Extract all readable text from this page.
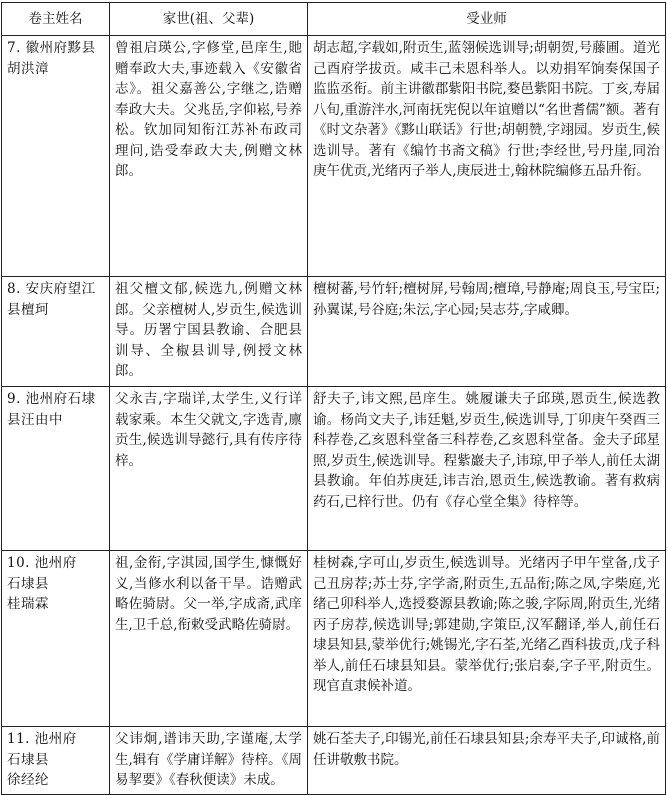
卷主姓名	家世(祖、父辈)	受业师

7. 徽州府黟县
胡洪漳	曾祖启瑛公,字修堂,邑庠生,貤赠奉政大夫,事迹载入《安徽省志》。祖父嘉善公,字继之,诰赠奉政大夫。父兆岳,字仰崧,号养松。钦加同知衔江苏补布政司理问,诰受奉政大夫,例赠文林郎。	胡志超,字载如,附贡生,蓝翎候选训导;胡朝贺,号藤圃。道光己酉府学拔贡。咸丰己未恩科举人。以劝捐军饷奏保国子监监丞衔。前主讲徽郡紫阳书院,婺邑紫阳书院。丁亥,寿届八旬,重游泮水,河南抚宪倪以年谊赠以“名世耆儒”额。著有《时文杂著》《黟山联话》行世;胡朝赞,字翊园。岁贡生,候选训导。著有《编竹书斋文稿》行世;李经世,号丹崖,同治庚午优贡,光绪丙子举人,庚辰进士,翰林院编修五品升衔。

8. 安庆府望江
县檀珂	祖父檀文郁,候选九,例赠文林郎。父亲檀树人,岁贡生,候选训导。历署宁国县教谕、合肥县训导、全椒县训导,例授文林郎。	檀树蕃,号竹轩;檀树屏,号翰周;檀璋,号静庵;周良玉,号宝臣;孙翼谋,号谷庭;朱沄,字心园;吴志芬,字咸卿。

9. 池州府石埭
县汪由中	父永吉,字瑞详,太学生,义行详载家乘。本生父就文,字选青,廪贡生,候选训导懿行,具有传序待梓。	舒夫子,讳文熙,邑庠生。姚履谦夫子邱瑛,恩贡生,候选教谕。杨尚文夫子,讳廷魁,岁贡生,候选训导,丁卯庚午癸酉三科荐卷,乙亥恩科堂备三科荐卷,乙亥恩科堂备。金夫子邱星照,岁贡生,候选训导。程紫巖夫子,讳琼,甲子举人,前任太湖县教谕。年伯苏庚廷,讳吉治,恩贡生,候选教谕。著有救病药石,已梓行世。仍有《存心堂全集》待梓等。

10. 池州府
石埭县
桂瑞霖	祖,金衔,字淇园,国学生,慷慨好义,当修水利以备干旱。诰赠武略佐骑尉。父一举,字成斋,武庠生,卫千总,衔敕受武略佐骑尉。	桂树森,字可山,岁贡生,候选训导。光绪丙子甲午堂备,戊子己丑房荐;苏士芬,字学斋,附贡生,五品衔;陈之凤,字柴庭,光绪己卯科举人,选授婺源县教谕;陈之骏,字际周,附贡生,光绪丙子房荐,候选训导;郭建勋,字策臣,汉军翻译,举人,前任石埭县知县,蒙举优行;姚锡光,字石荃,光绪乙酉科拔贡,戊子科举人,前任石埭县知县。蒙举优行;张启泰,字子平,附贡生。现官直隶候补道。

11. 池州府
石埭县
徐经纶	父讳炯,谱讳天助,字谨庵,太学生,辑有《学庸详解》待梓。《周易挈要》《春秋便读》未成。	姚石荃夫子,印锡光,前任石埭县知县;余寿平夫子,印诚格,前任讲敬敷书院。
